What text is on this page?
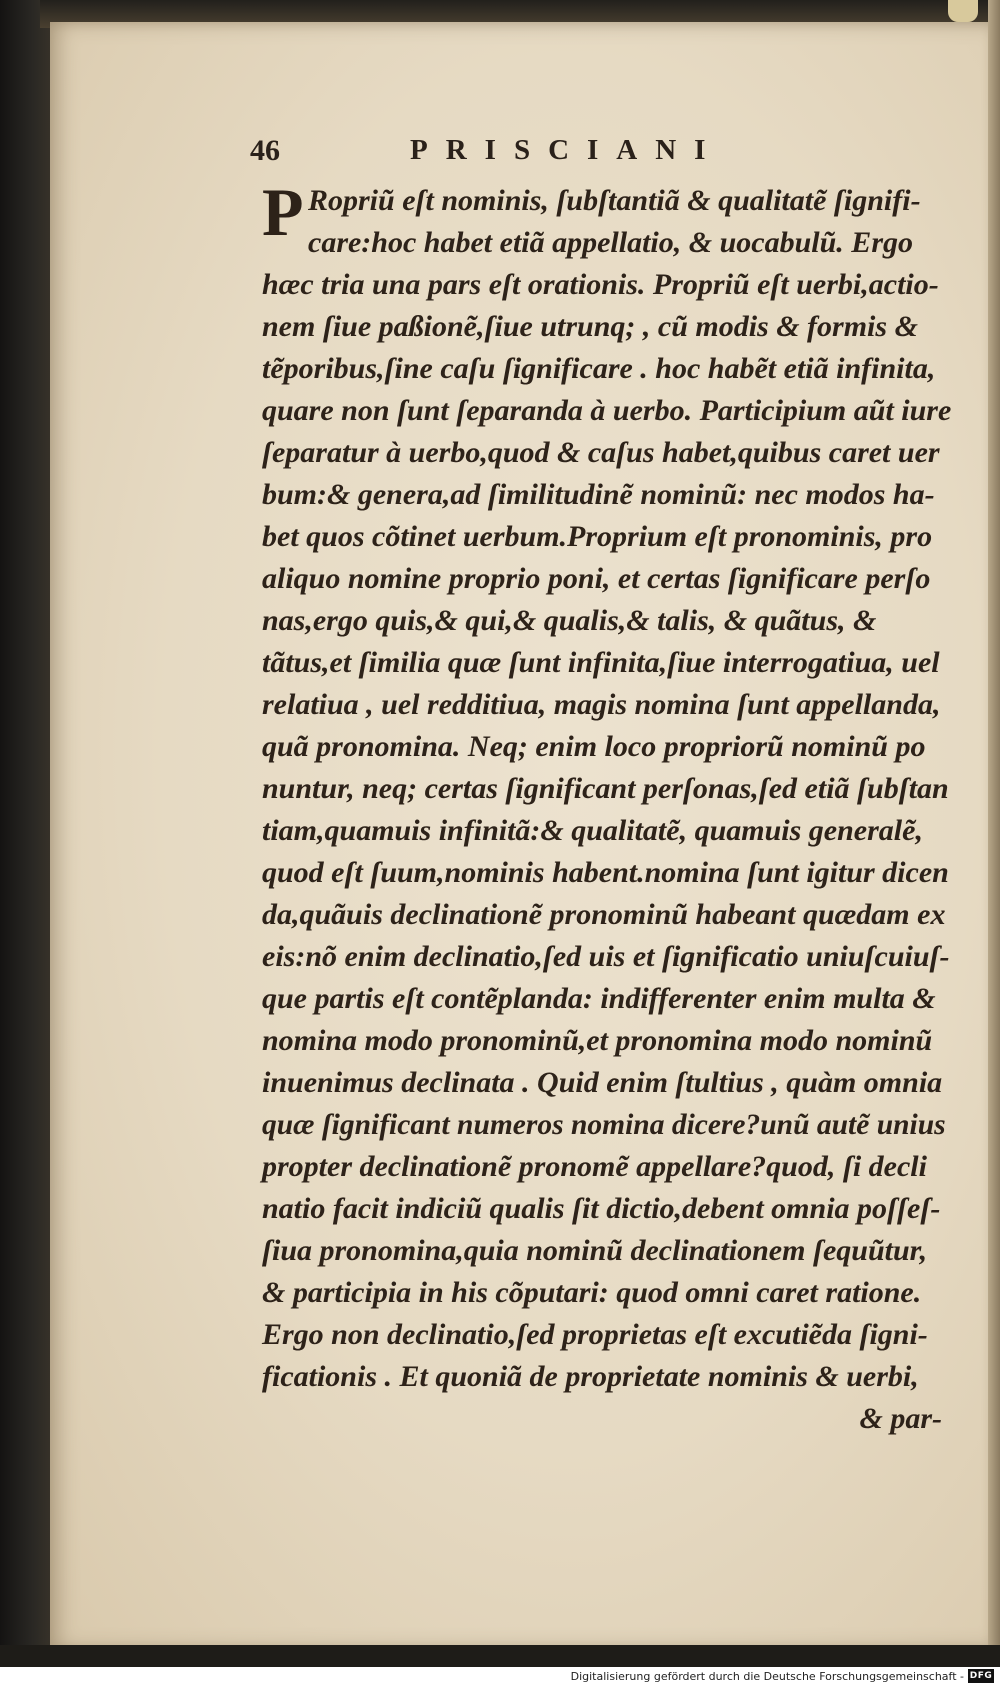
46	PRISCIANI
P Ropriũ eſt nominis, ſubſtantiã & qualitatẽ ſignifi-
care:hoc habet etiã appellatio, & uocabulũ. Ergo
hæc tria una pars eſt orationis. Propriũ eſt uerbi,actio-
nem ſiue paßionẽ,ſiue utrunq; , cũ modis & formis &
tẽporibus,ſine caſu ſignificare . hoc habẽt etiã infinita,
quare non ſunt ſeparanda à uerbo. Participium aũt iure
ſeparatur à uerbo,quod & caſus habet,quibus caret uer
bum:& genera,ad ſimilitudinẽ nominũ: nec modos ha-
bet quos cõtinet uerbum.Proprium eſt pronominis, pro
aliquo nomine proprio poni, et certas ſignificare perſo
nas,ergo quis,& qui,& qualis,& talis, & quãtus, &
tãtus,et ſimilia quæ ſunt infinita,ſiue interrogatiua, uel
relatiua , uel redditiua, magis nomina ſunt appellanda,
quã pronomina. Neq; enim loco propriorũ nominũ po
nuntur, neq; certas ſignificant perſonas,ſed etiã ſubſtan
tiam,quamuis infinitã:& qualitatẽ, quamuis generalẽ,
quod eſt ſuum,nominis habent.nomina ſunt igitur dicen
da,quãuis declinationẽ pronominũ habeant quædam ex
eis:nõ enim declinatio,ſed uis et ſignificatio uniuſcuiuſ-
que partis eſt contẽplanda: indifferenter enim multa &
nomina modo pronominũ,et pronomina modo nominũ
inuenimus declinata . Quid enim ſtultius , quàm omnia
quæ ſignificant numeros nomina dicere?unũ autẽ unius
propter declinationẽ pronomẽ appellare?quod, ſi decli
natio facit indiciũ qualis ſit dictio,debent omnia poſſeſ-
ſiua pronomina,quia nominũ declinationem ſequũtur,
& participia in his cõputari: quod omni caret ratione.
Ergo non declinatio,ſed proprietas eſt excutiẽda ſigni-
ficationis . Et quoniã de proprietate nominis & uerbi,
& par-
Digitalisierung gefördert durch die Deutsche Forschungsgemeinschaft - DFG
